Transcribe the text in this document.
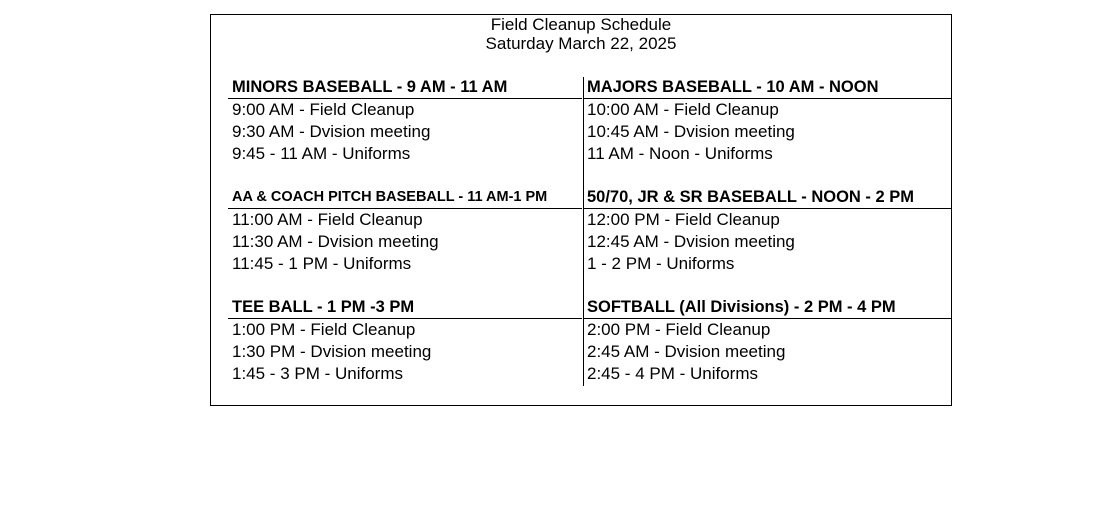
Field Cleanup Schedule
Saturday March 22, 2025
MINORS BASEBALL - 9 AM - 11 AM
9:00 AM - Field Cleanup
9:30 AM - Dvision meeting
9:45 - 11 AM - Uniforms
MAJORS BASEBALL - 10 AM - NOON
10:00 AM - Field Cleanup
10:45 AM - Dvision meeting
11 AM - Noon - Uniforms
AA & COACH PITCH BASEBALL - 11 AM-1 PM
11:00 AM - Field Cleanup
11:30 AM - Dvision meeting
11:45 - 1 PM - Uniforms
50/70, JR & SR BASEBALL - NOON - 2 PM
12:00 PM - Field Cleanup
12:45 AM - Dvision meeting
1 - 2 PM - Uniforms
TEE BALL - 1 PM -3 PM
1:00 PM - Field Cleanup
1:30 PM - Dvision meeting
1:45 - 3 PM - Uniforms
SOFTBALL (All Divisions) - 2 PM - 4 PM
2:00 PM - Field Cleanup
2:45 AM - Dvision meeting
2:45 - 4 PM - Uniforms
